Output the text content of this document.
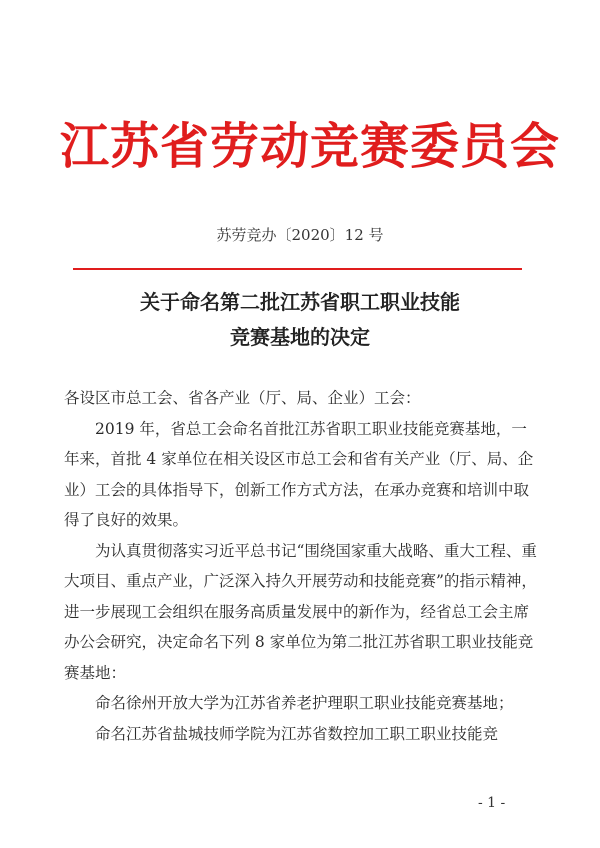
江苏省劳动竞赛委员会
苏劳竞办〔2020〕12 号
关于命名第二批江苏省职工职业技能
竞赛基地的决定

各设区市总工会、省各产业（厅、局、企业）工会：

2019 年，省总工会命名首批江苏省职工职业技能竞赛基地，一年来，首批 4 家单位在相关设区市总工会和省有关产业（厅、局、企业）工会的具体指导下，创新工作方式方法，在承办竞赛和培训中取得了良好的效果。

为认真贯彻落实习近平总书记“围绕国家重大战略、重大工程、重大项目、重点产业，广泛深入持久开展劳动和技能竞赛”的指示精神，进一步展现工会组织在服务高质量发展中的新作为，经省总工会主席办公会研究，决定命名下列 8 家单位为第二批江苏省职工职业技能竞赛基地：

命名徐州开放大学为江苏省养老护理职工职业技能竞赛基地；

命名江苏省盐城技师学院为江苏省数控加工职工职业技能竞

- 1 -
